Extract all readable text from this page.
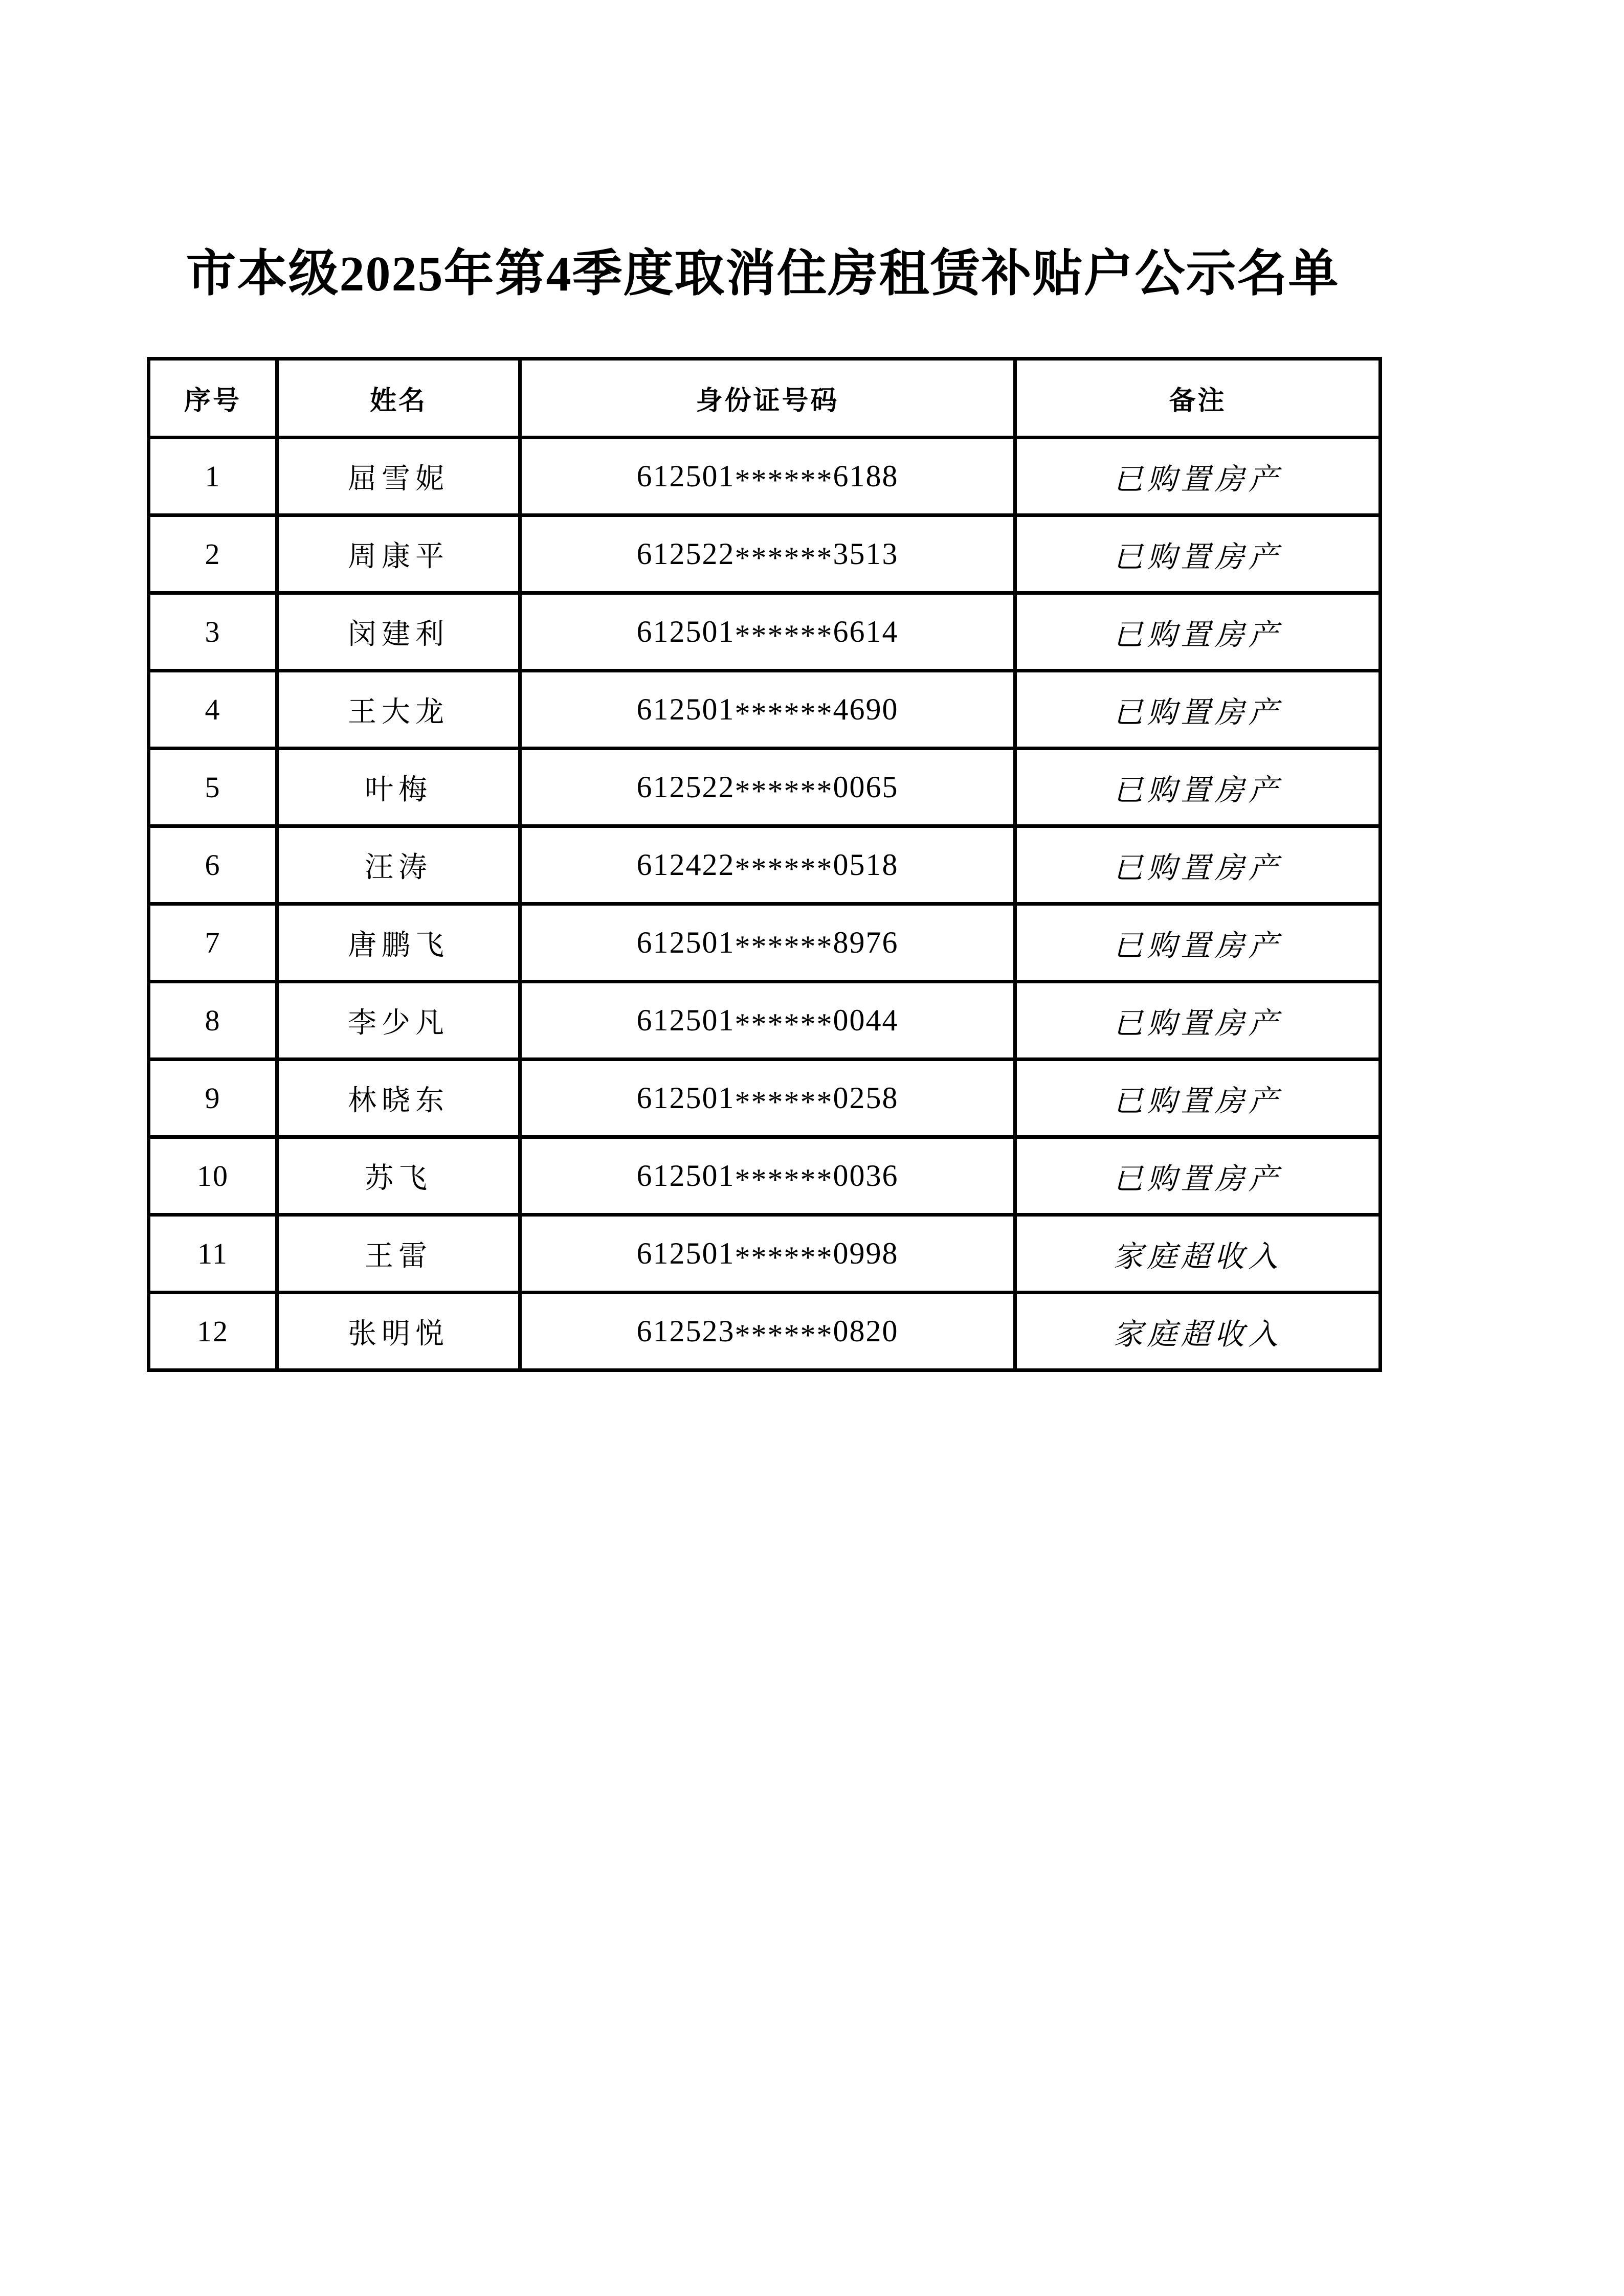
市本级2025年第4季度取消住房租赁补贴户公示名单
序号	姓名	身份证号码	备注
1	屈雪妮	612501******6188	已购置房产
2	周康平	612522******3513	已购置房产
3	闵建利	612501******6614	已购置房产
4	王大龙	612501******4690	已购置房产
5	叶梅	612522******0065	已购置房产
6	汪涛	612422******0518	已购置房产
7	唐鹏飞	612501******8976	已购置房产
8	李少凡	612501******0044	已购置房产
9	林晓东	612501******0258	已购置房产
10	苏飞	612501******0036	已购置房产
11	王雷	612501******0998	家庭超收入
12	张明悦	612523******0820	家庭超收入
